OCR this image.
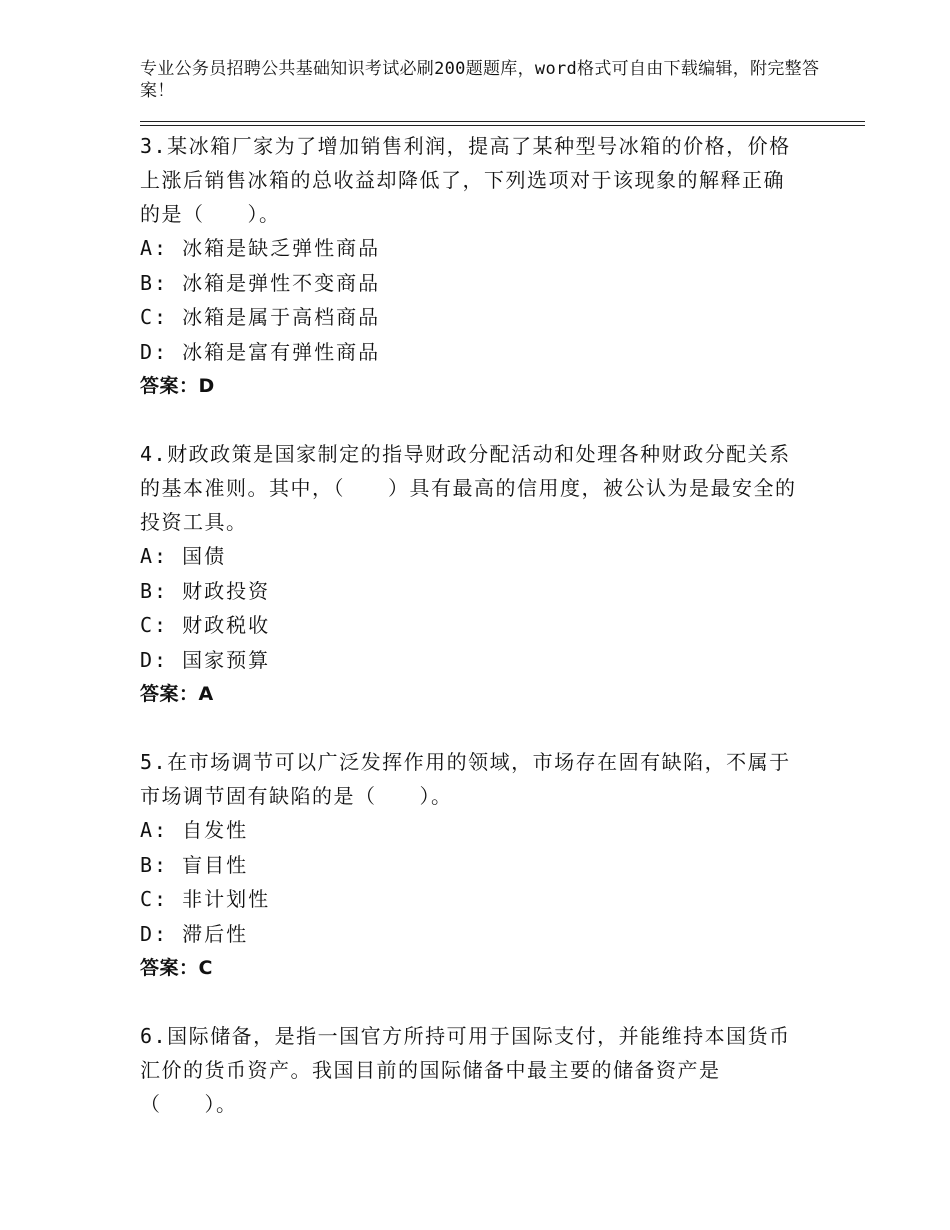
专业公务员招聘公共基础知识考试必刷200题题库，word格式可自由下载编辑，附完整答案！
3.某冰箱厂家为了增加销售利润，提高了某种型号冰箱的价格，价格上涨后销售冰箱的总收益却降低了，下列选项对于该现象的解释正确的是（　　）。
A: 冰箱是缺乏弹性商品
B: 冰箱是弹性不变商品
C: 冰箱是属于高档商品
D: 冰箱是富有弹性商品
答案：D
4.财政政策是国家制定的指导财政分配活动和处理各种财政分配关系的基本准则。其中，（　　）具有最高的信用度，被公认为是最安全的投资工具。
A: 国债
B: 财政投资
C: 财政税收
D: 国家预算
答案：A
5.在市场调节可以广泛发挥作用的领域，市场存在固有缺陷，不属于市场调节固有缺陷的是（　　）。
A: 自发性
B: 盲目性
C: 非计划性
D: 滞后性
答案：C
6.国际储备，是指一国官方所持可用于国际支付，并能维持本国货币汇价的货币资产。我国目前的国际储备中最主要的储备资产是（　　）。
